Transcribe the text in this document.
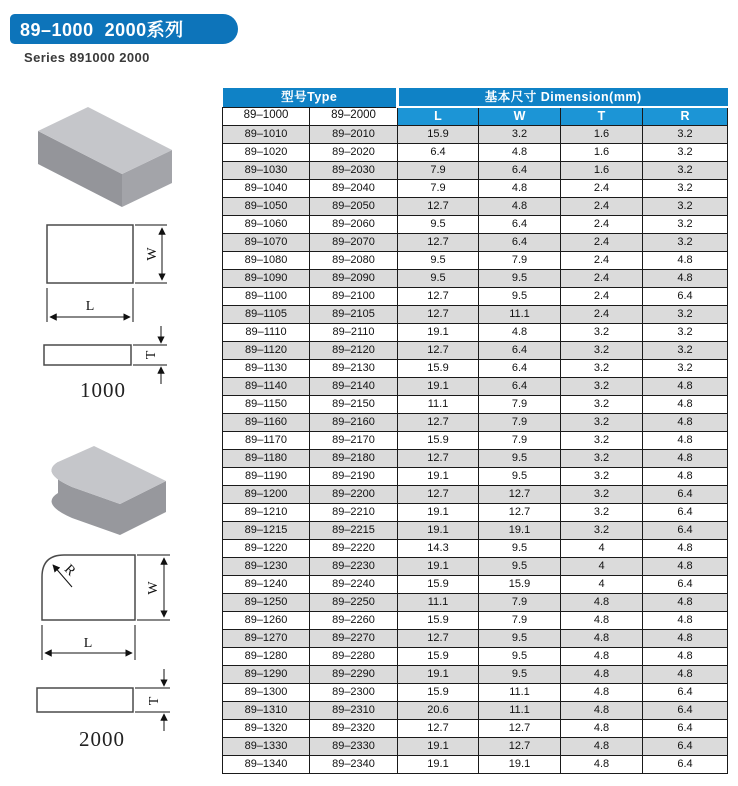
89–1000  2000系列
Series 891000 2000
W
L
T
1000
R
W
L
T
2000
型号Type		基本尺寸 Dimension(mm)			
89–1000	89–2000	L	W	T	R
89–1010	89–2010	15.9	3.2	1.6	3.2
89–1020	89–2020	6.4	4.8	1.6	3.2
89–1030	89–2030	7.9	6.4	1.6	3.2
89–1040	89–2040	7.9	4.8	2.4	3.2
89–1050	89–2050	12.7	4.8	2.4	3.2
89–1060	89–2060	9.5	6.4	2.4	3.2
89–1070	89–2070	12.7	6.4	2.4	3.2
89–1080	89–2080	9.5	7.9	2.4	4.8
89–1090	89–2090	9.5	9.5	2.4	4.8
89–1100	89–2100	12.7	9.5	2.4	6.4
89–1105	89–2105	12.7	11.1	2.4	3.2
89–1110	89–2110	19.1	4.8	3.2	3.2
89–1120	89–2120	12.7	6.4	3.2	3.2
89–1130	89–2130	15.9	6.4	3.2	3.2
89–1140	89–2140	19.1	6.4	3.2	4.8
89–1150	89–2150	11.1	7.9	3.2	4.8
89–1160	89–2160	12.7	7.9	3.2	4.8
89–1170	89–2170	15.9	7.9	3.2	4.8
89–1180	89–2180	12.7	9.5	3.2	4.8
89–1190	89–2190	19.1	9.5	3.2	4.8
89–1200	89–2200	12.7	12.7	3.2	6.4
89–1210	89–2210	19.1	12.7	3.2	6.4
89–1215	89–2215	19.1	19.1	3.2	6.4
89–1220	89–2220	14.3	9.5	4	4.8
89–1230	89–2230	19.1	9.5	4	4.8
89–1240	89–2240	15.9	15.9	4	6.4
89–1250	89–2250	11.1	7.9	4.8	4.8
89–1260	89–2260	15.9	7.9	4.8	4.8
89–1270	89–2270	12.7	9.5	4.8	4.8
89–1280	89–2280	15.9	9.5	4.8	4.8
89–1290	89–2290	19.1	9.5	4.8	4.8
89–1300	89–2300	15.9	11.1	4.8	6.4
89–1310	89–2310	20.6	11.1	4.8	6.4
89–1320	89–2320	12.7	12.7	4.8	6.4
89–1330	89–2330	19.1	12.7	4.8	6.4
89–1340	89–2340	19.1	19.1	4.8	6.4
